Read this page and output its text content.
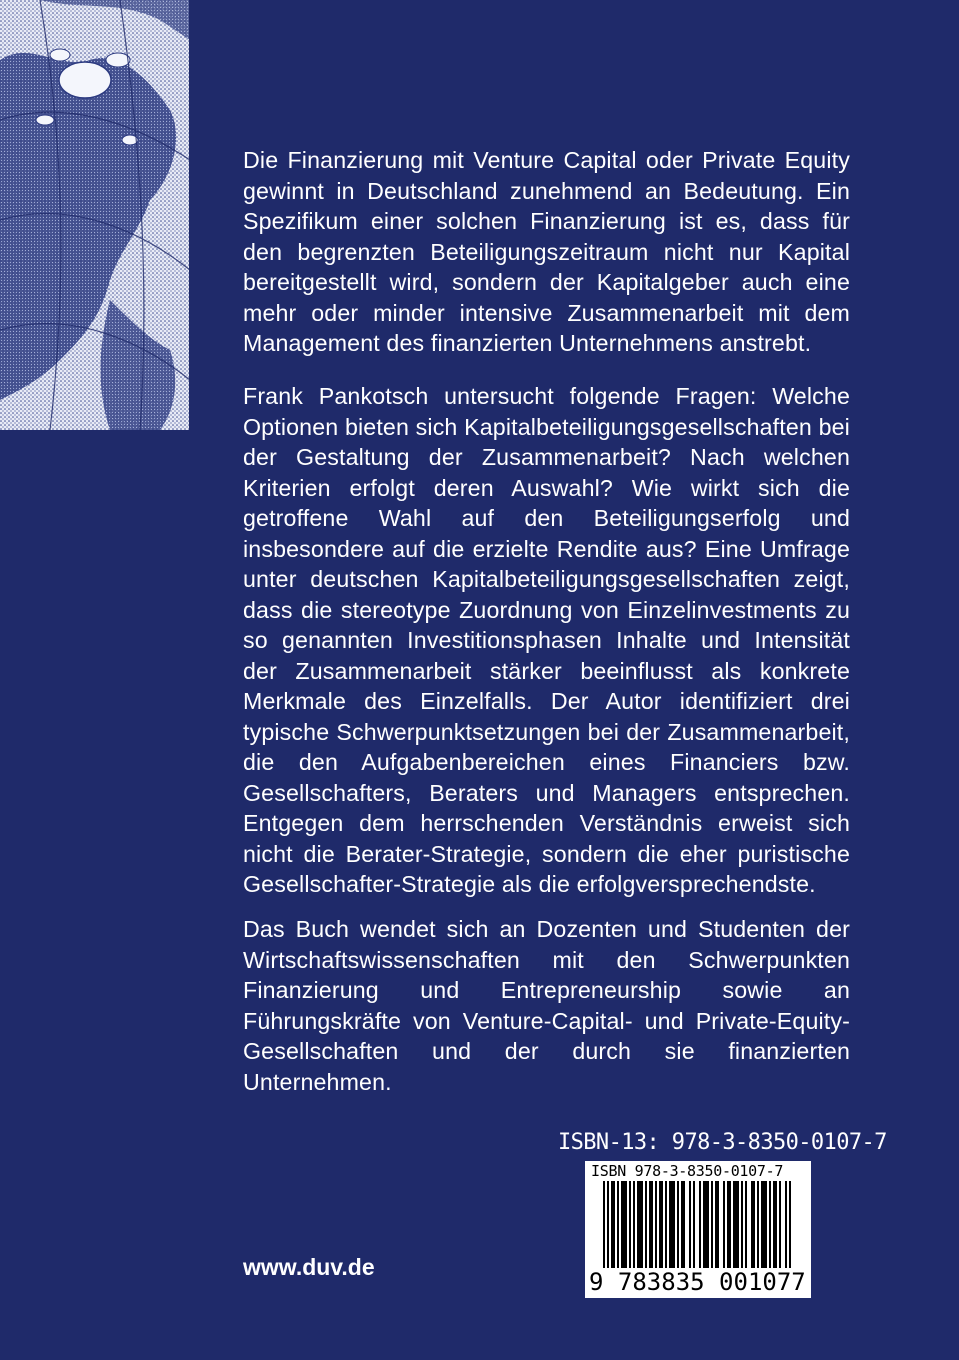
Die Finanzierung mit Venture Capital oder Private Equity gewinnt in Deutschland zunehmend an Bedeutung. Ein Spezifikum einer solchen Finanzierung ist es, dass für den begrenzten Beteiligungszeitraum nicht nur Kapital bereitgestellt wird, sondern der Kapitalgeber auch eine mehr oder minder intensive Zusammenarbeit mit dem Management des finanzierten Unternehmens anstrebt.

Frank Pankotsch untersucht folgende Fragen: Welche Optionen bieten sich Kapitalbeteiligungsgesellschaften bei der Gestaltung der Zusammenarbeit? Nach welchen Kriterien erfolgt deren Auswahl? Wie wirkt sich die getroffene Wahl auf den Beteiligungserfolg und insbesondere auf die erzielte Rendite aus? Eine Umfrage unter deutschen Kapitalbeteiligungsgesellschaften zeigt, dass die stereotype Zuordnung von Einzelinvestments zu so genannten Investitionsphasen Inhalte und Intensität der Zusammenarbeit stärker beeinflusst als konkrete Merkmale des Einzelfalls. Der Autor identifiziert drei typische Schwerpunktsetzungen bei der Zusammenarbeit, die den Aufgabenbereichen eines Financiers bzw. Gesellschafters, Beraters und Managers entsprechen. Entgegen dem herrschenden Verständnis erweist sich nicht die Berater-Strategie, sondern die eher puristische Gesellschafter-Strategie als die erfolgversprechendste.

Das Buch wendet sich an Dozenten und Studenten der Wirtschaftswissenschaften mit den Schwerpunkten Finanzierung und Entrepreneurship sowie an Führungskräfte von Venture-Capital- und Private-Equity-Gesellschaften und der durch sie finanzierten Unternehmen.

ISBN-13: 978-3-8350-0107-7
ISBN 978-3-8350-0107-7
9 783835 001077
www.duv.de
